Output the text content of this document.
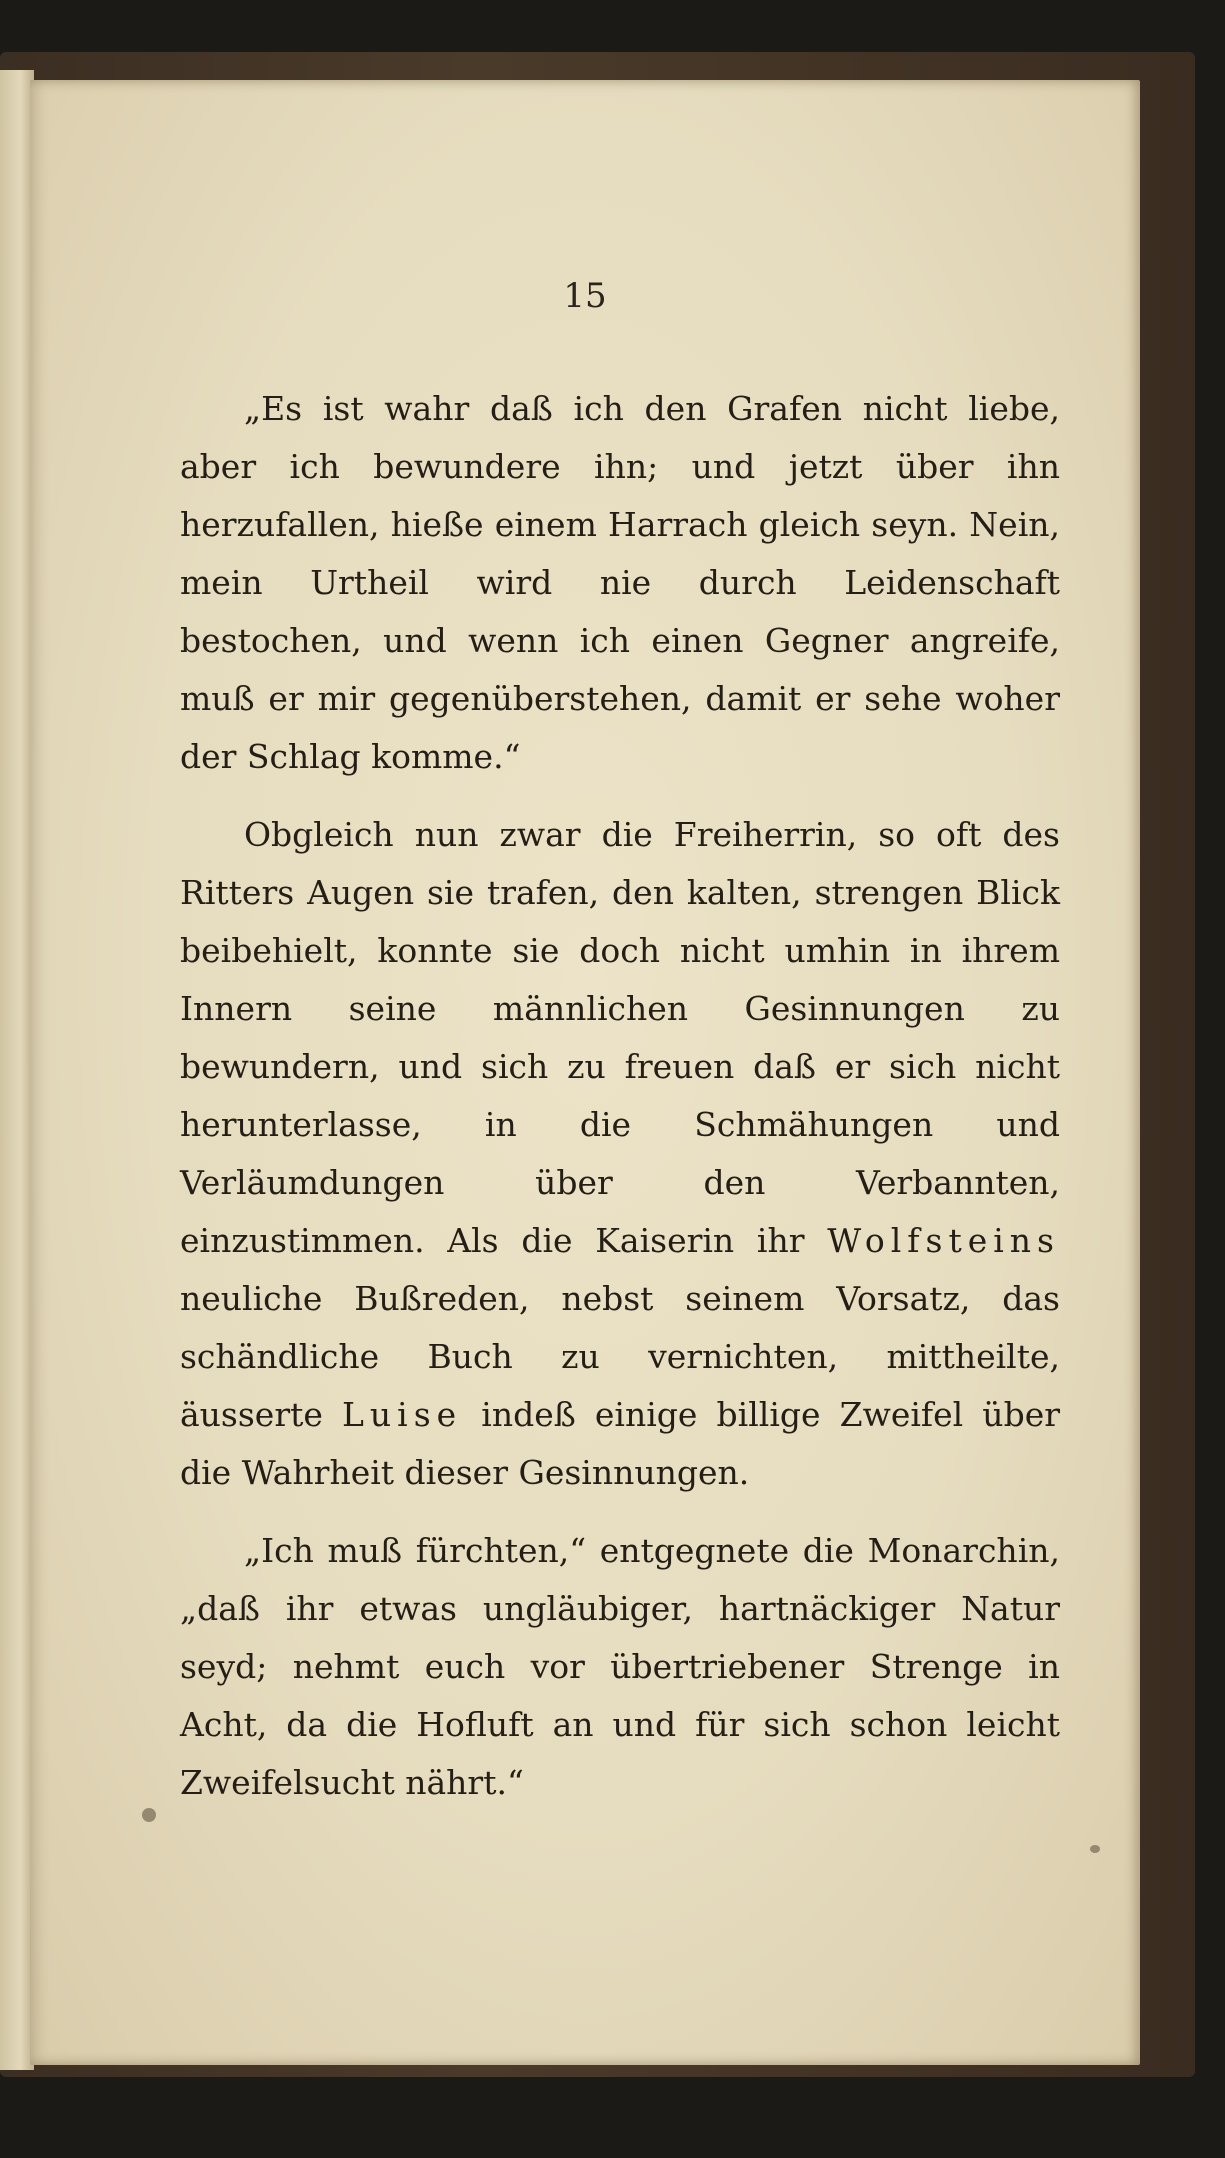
15

„Es ist wahr daß ich den Grafen nicht liebe, aber ich bewundere ihn; und jetzt über ihn herzufallen, hieße einem Harrach gleich seyn. Nein, mein Urtheil wird nie durch Leidenschaft bestochen, und wenn ich einen Gegner angreife, muß er mir gegenüberstehen, damit er sehe woher der Schlag komme.“

Obgleich nun zwar die Freiherrin, so oft des Ritters Augen sie trafen, den kalten, strengen Blick beibehielt, konnte sie doch nicht umhin in ihrem Innern seine männlichen Gesinnungen zu bewundern, und sich zu freuen daß er sich nicht herunterlasse, in die Schmähungen und Verläumdungen über den Verbannten, einzustimmen. Als die Kaiserin ihr Wolfsteins neuliche Bußreden, nebst seinem Vorsatz, das schändliche Buch zu vernichten, mittheilte, äusserte Luise indeß einige billige Zweifel über die Wahrheit dieser Gesinnungen.

„Ich muß fürchten,“ entgegnete die Monarchin, „daß ihr etwas ungläubiger, hartnäckiger Natur seyd; nehmt euch vor übertriebener Strenge in Acht, da die Hofluft an und für sich schon leicht Zweifelsucht nährt.“
